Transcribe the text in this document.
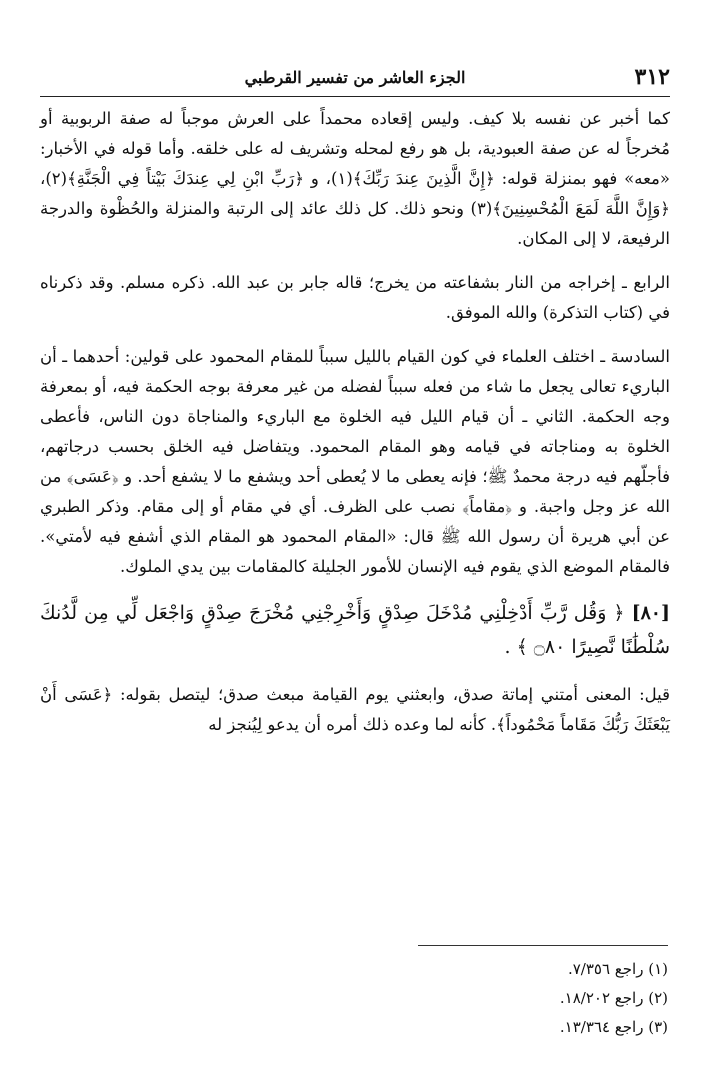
٣١٢
الجزء العاشر من تفسير القرطبي

كما أخبر عن نفسه بلا كيف. وليس إقعاده محمداً على العرش موجباً له صفة الربوبية أو مُخرجاً له عن صفة العبودية، بل هو رفع لمحله وتشريف له على خلقه. وأما قوله في الأخبار: «معه» فهو بمنزلة قوله: ﴿إِنَّ الَّذِينَ عِندَ رَبِّكَ﴾(١)، و ﴿رَبِّ ابْنِ لِي عِندَكَ بَيْتاً فِي الْجَنَّةِ﴾(٢)، ﴿وَإِنَّ اللَّهَ لَمَعَ الْمُحْسِنِينَ﴾(٣) ونحو ذلك. كل ذلك عائد إلى الرتبة والمنزلة والحُظْوة والدرجة الرفيعة، لا إلى المكان.

الرابع ـ إخراجه من النار بشفاعته من يخرج؛ قاله جابر بن عبد الله. ذكره مسلم. وقد ذكرناه في (كتاب التذكرة) والله الموفق.

السادسة ـ اختلف العلماء في كون القيام بالليل سبباً للمقام المحمود على قولين: أحدهما ـ أن الباريء تعالى يجعل ما شاء من فعله سبباً لفضله من غير معرفة بوجه الحكمة فيه، أو بمعرفة وجه الحكمة. الثاني ـ أن قيام الليل فيه الخلوة مع الباريء والمناجاة دون الناس، فأعطى الخلوة به ومناجاته في قيامه وهو المقام المحمود. ويتفاضل فيه الخلق بحسب درجاتهم، فأجلّهم فيه درجة محمدٌ ﷺ؛ فإنه يعطى ما لا يُعطى أحد ويشفع ما لا يشفع أحد. و ﴿عَسَى﴾ من الله عز وجل واجبة. و ﴿مقاماً﴾ نصب على الظرف. أي في مقام أو إلى مقام. وذكر الطبري عن أبي هريرة أن رسول الله ﷺ قال: «المقام المحمود هو المقام الذي أشفع فيه لأمتي». فالمقام الموضع الذي يقوم فيه الإنسان للأمور الجليلة كالمقامات بين يدي الملوك.

[٨٠] ﴿ وَقُل رَّبِّ أَدْخِلْنِي مُدْخَلَ صِدْقٍ وَأَخْرِجْنِي مُخْرَجَ صِدْقٍ وَاجْعَل لِّي مِن لَّدُنكَ سُلْطَٰنًا نَّصِيرًا ۝٨٠ ﴾ .

قيل: المعنى أمتني إماتة صدق، وابعثني يوم القيامة مبعث صدق؛ ليتصل بقوله: ﴿عَسَى أَنْ يَبْعَثَكَ رَبُّكَ مَقَاماً مَحْمُوداً﴾. كأنه لما وعده ذلك أمره أن يدعو لِيُنجز له

(١) راجع ٧/٣٥٦.
(٢) راجع ١٨/٢٠٢.
(٣) راجع ١٣/٣٦٤.
